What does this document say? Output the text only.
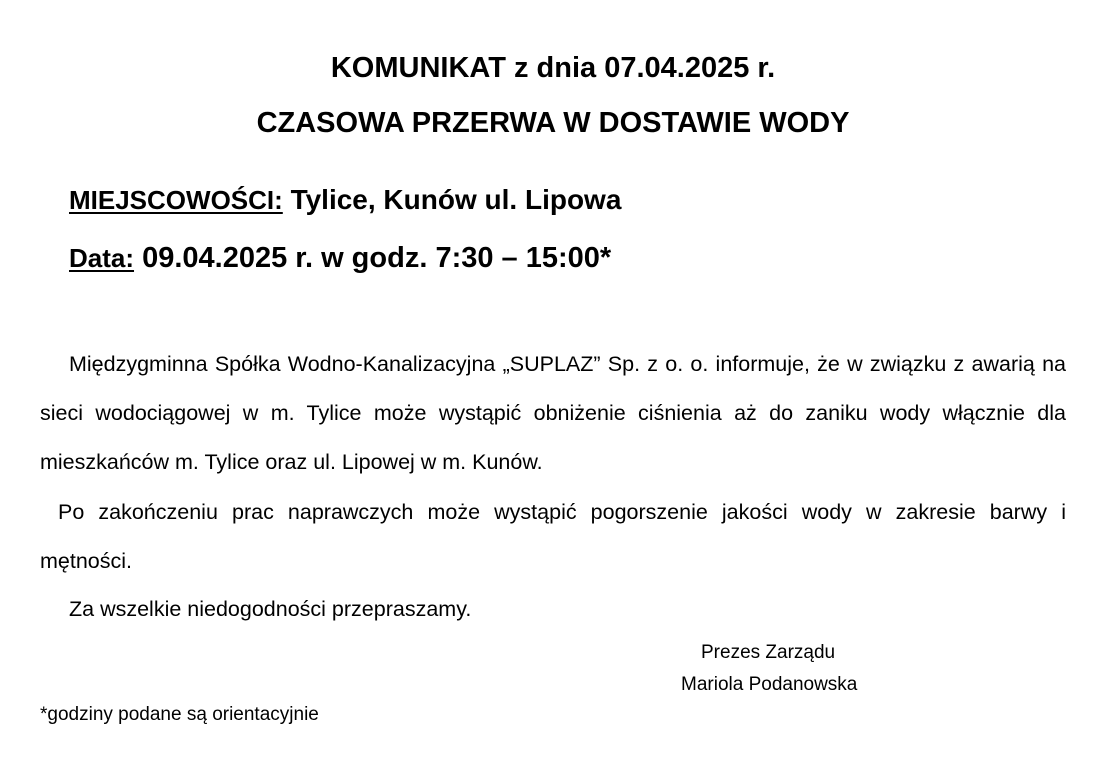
KOMUNIKAT z dnia 07.04.2025 r.
CZASOWA PRZERWA W DOSTAWIE WODY
MIEJSCOWOŚCI: Tylice, Kunów ul. Lipowa
Data: 09.04.2025 r. w godz. 7:30 – 15:00*

Międzygminna Spółka Wodno-Kanalizacyjna „SUPLAZ” Sp. z o. o. informuje, że w związku z awarią na sieci wodociągowej w m. Tylice może wystąpić obniżenie ciśnienia aż do zaniku wody włącznie dla mieszkańców m. Tylice oraz ul. Lipowej w m. Kunów.

Po zakończeniu prac naprawczych może wystąpić pogorszenie jakości wody w zakresie barwy i mętności.

Za wszelkie niedogodności przepraszamy.

Prezes Zarządu
Mariola Podanowska
*godziny podane są orientacyjnie
